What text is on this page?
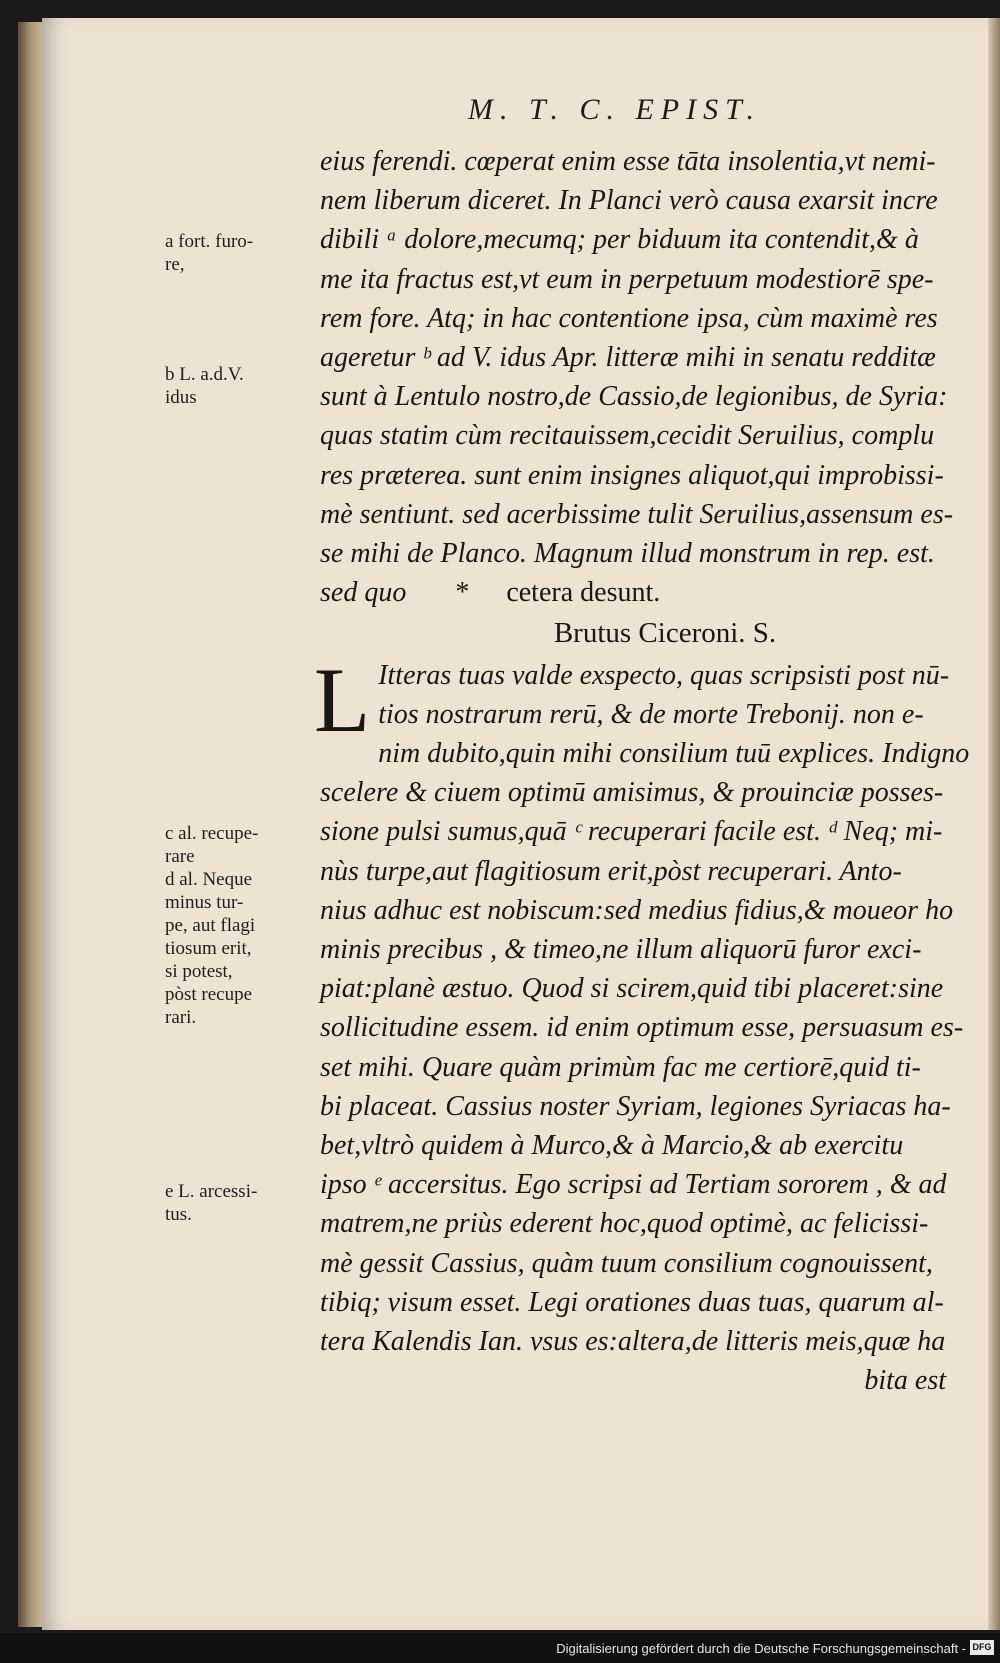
M. T. C. EPIST.
eius ferendi. cœperat enim esse tāta insolentia,vt nemi-
nem liberum diceret. In Planci verò causa exarsit incre
dibili ᵃ dolore,mecumq; per biduum ita contendit,& à
me ita fractus est,vt eum in perpetuum modestiorē spe-
rem fore. Atq; in hac contentione ipsa, cùm maximè res
ageretur ᵇ ad V. idus Apr. litteræ mihi in senatu redditæ
sunt à Lentulo nostro,de Cassio,de legionibus, de Syria:
quas statim cùm recitauissem,cecidit Seruilius, complu
res præterea. sunt enim insignes aliquot,qui improbissi-
mè sentiunt. sed acerbissime tulit Seruilius,assensum es-
se mihi de Planco. Magnum illud monstrum in rep. est.
sed quo * cetera desunt.
Brutus Ciceroni. S.
L Itteras tuas valde exspecto, quas scripsisti post nū-
tios nostrarum rerū, & de morte Trebonij. non e-
nim dubito,quin mihi consilium tuū explices. Indigno
scelere & ciuem optimū amisimus, & prouinciæ posses-
sione pulsi sumus,quā ᶜ recuperari facile est. ᵈ Neq; mi-
nùs turpe,aut flagitiosum erit,pòst recuperari. Anto-
nius adhuc est nobiscum:sed medius fidius,& moueor ho
minis precibus , & timeo,ne illum aliquorū furor exci-
piat:planè æstuo. Quod si scirem,quid tibi placeret:sine
sollicitudine essem. id enim optimum esse, persuasum es-
set mihi. Quare quàm primùm fac me certiorē,quid ti-
bi placeat. Cassius noster Syriam, legiones Syriacas ha-
bet,vltrò quidem à Murco,& à Marcio,& ab exercitu
ipso ᵉ accersitus. Ego scripsi ad Tertiam sororem , & ad
matrem,ne priùs ederent hoc,quod optimè, ac felicissi-
mè gessit Cassius, quàm tuum consilium cognouissent,
tibiq; visum esset. Legi orationes duas tuas, quarum al-
tera Kalendis Ian. vsus es:altera,de litteris meis,quæ ha
bita est
a fort. furo-
re,
b L. a.d.V.
idus
c al. recupe-
rare
d al. Neque
minus tur-
pe, aut flagi
tiosum erit,
si potest,
pòst recupe
rari.
e L. arcessi-
tus.
Digitalisierung gefördert durch die Deutsche Forschungsgemeinschaft - DFG
